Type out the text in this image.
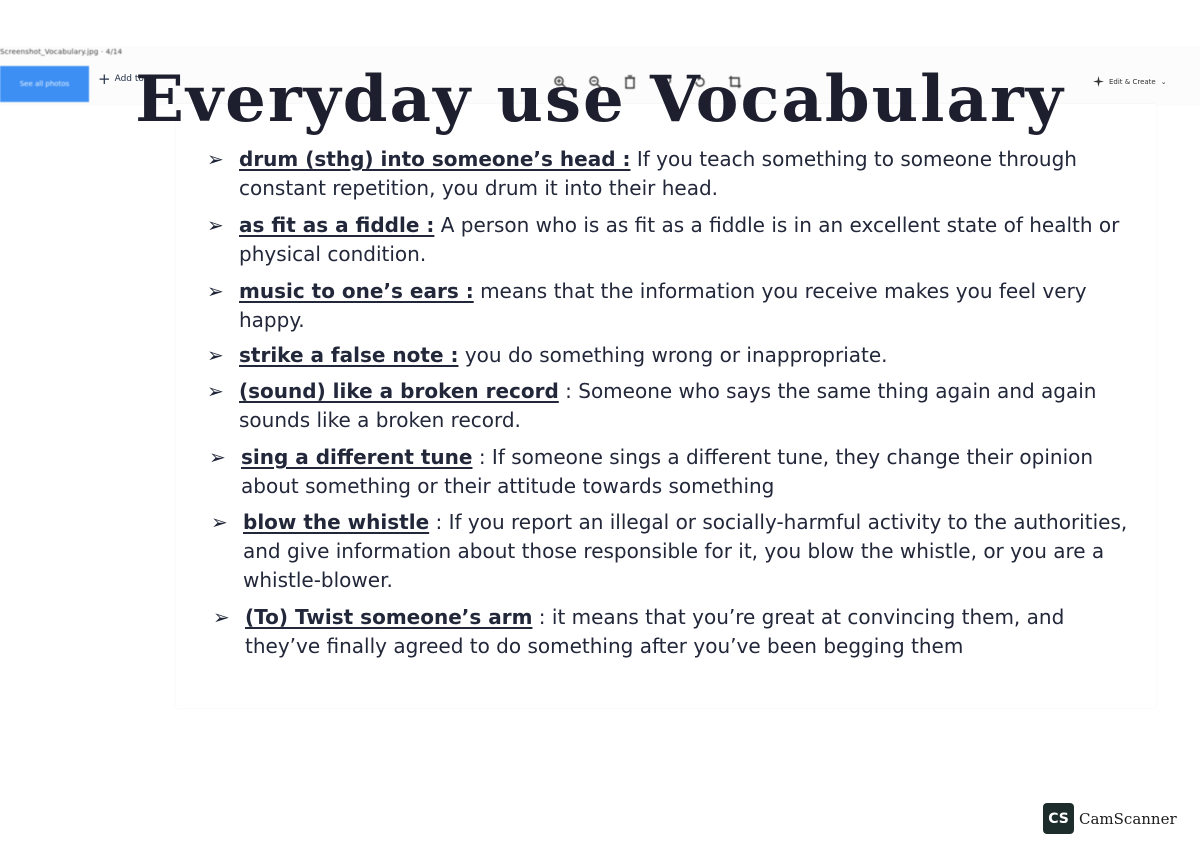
Screenshot_Vocabulary.jpg · 4/14
See all photos	+ Add to	Edit & Create ⌄
Everyday use Vocabulary
➢ drum (sthg) into someone’s head : If you teach something to someone through constant repetition, you drum it into their head.
➢ as fit as a fiddle : A person who is as fit as a fiddle is in an excellent state of health or physical condition.
➢ music to one’s ears : means that the information you receive makes you feel very happy.
➢ strike a false note : you do something wrong or inappropriate.
➢ (sound) like a broken record : Someone who says the same thing again and again sounds like a broken record.
➢ sing a different tune : If someone sings a different tune, they change their opinion about something or their attitude towards something
➢ blow the whistle : If you report an illegal or socially-harmful activity to the authorities, and give information about those responsible for it, you blow the whistle, or you are a whistle-blower.
➢ (To) Twist someone’s arm : it means that you’re great at convincing them, and they’ve finally agreed to do something after you’ve been begging them
CS CamScanner
